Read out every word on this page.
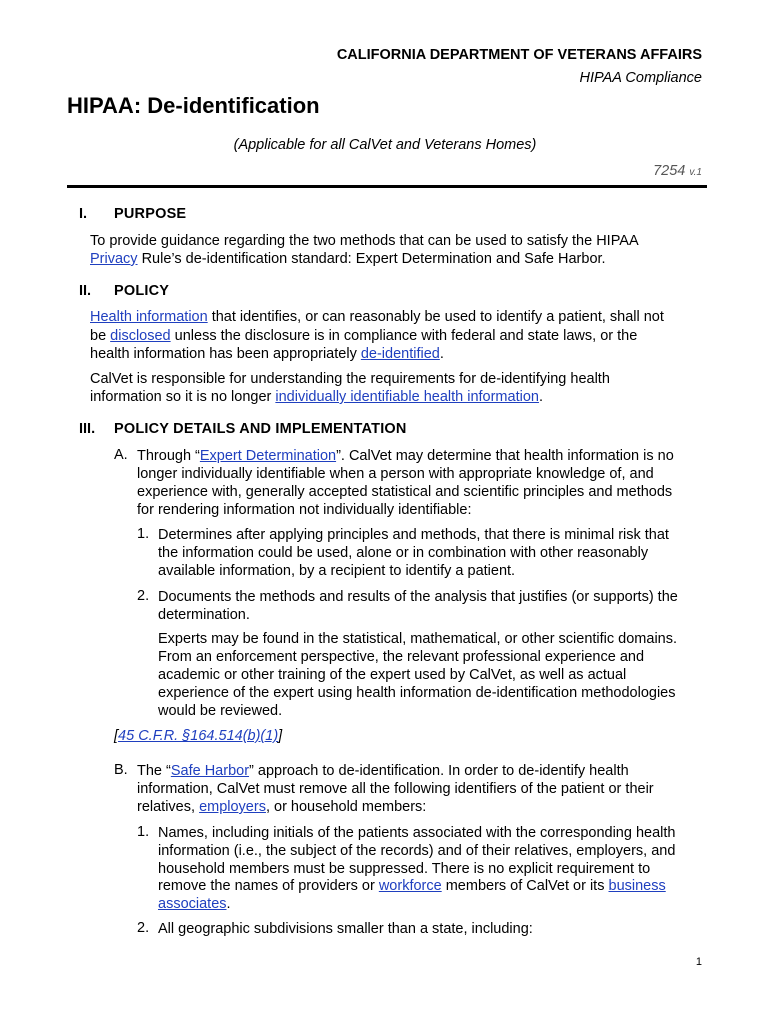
CALIFORNIA DEPARTMENT OF VETERANS AFFAIRS
HIPAA Compliance
HIPAA: De-identification
(Applicable for all CalVet and Veterans Homes)
7254 v.1
I. PURPOSE
To provide guidance regarding the two methods that can be used to satisfy the HIPAA
Privacy Rule’s de-identification standard: Expert Determination and Safe Harbor.
II. POLICY
Health information that identifies, or can reasonably be used to identify a patient, shall not
be disclosed unless the disclosure is in compliance with federal and state laws, or the
health information has been appropriately de-identified.
CalVet is responsible for understanding the requirements for de-identifying health
information so it is no longer individually identifiable health information.
III. POLICY DETAILS AND IMPLEMENTATION
A. Through “Expert Determination”. CalVet may determine that health information is no
longer individually identifiable when a person with appropriate knowledge of, and
experience with, generally accepted statistical and scientific principles and methods
for rendering information not individually identifiable:
1. Determines after applying principles and methods, that there is minimal risk that
the information could be used, alone or in combination with other reasonably
available information, by a recipient to identify a patient.
2. Documents the methods and results of the analysis that justifies (or supports) the
determination.
Experts may be found in the statistical, mathematical, or other scientific domains.
From an enforcement perspective, the relevant professional experience and
academic or other training of the expert used by CalVet, as well as actual
experience of the expert using health information de-identification methodologies
would be reviewed.
[45 C.F.R. §164.514(b)(1)]
B. The “Safe Harbor” approach to de-identification. In order to de-identify health
information, CalVet must remove all the following identifiers of the patient or their
relatives, employers, or household members:
1. Names, including initials of the patients associated with the corresponding health
information (i.e., the subject of the records) and of their relatives, employers, and
household members must be suppressed. There is no explicit requirement to
remove the names of providers or workforce members of CalVet or its business
associates.
2. All geographic subdivisions smaller than a state, including:
1
